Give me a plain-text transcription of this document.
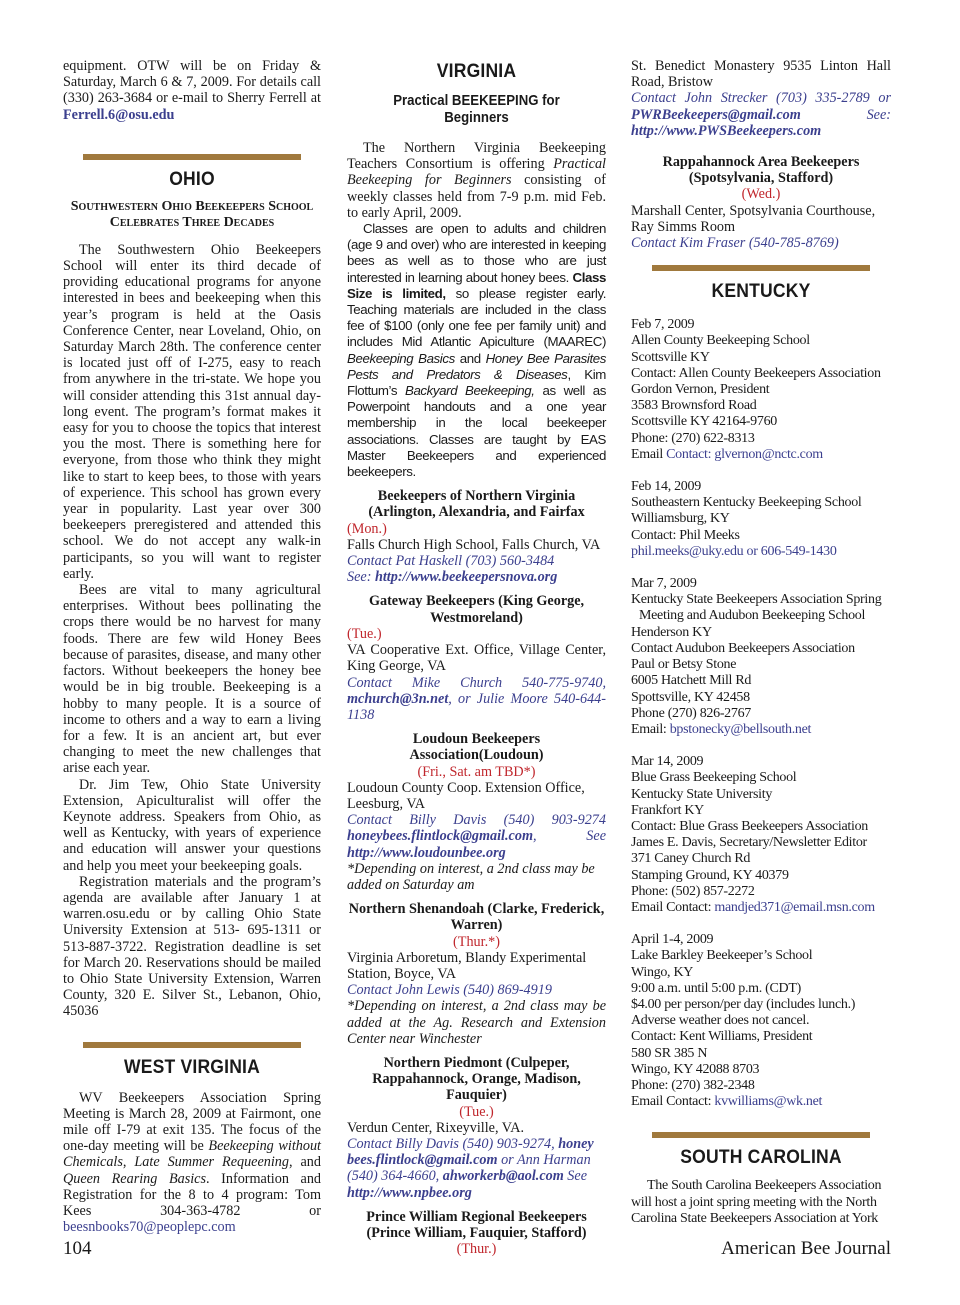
equipment. OTW will be on Friday & Saturday, March 6 & 7, 2009. For details call (330) 263-3684 or e-mail to Sherry Ferrell at Ferrell.6@osu.edu

OHIO
Southwestern Ohio Beekeepers School Celebrates Three Decades

The Southwestern Ohio Beekeepers School will enter its third decade of providing educational programs for anyone interested in bees and beekeeping when this year’s program is held at the Oasis Conference Center, near Loveland, Ohio, on Saturday March 28th. The conference center is located just off of I-275, easy to reach from anywhere in the tri-state. We hope you will consider attending this 31st annual day-long event. The program’s format makes it easy for you to choose the topics that interest you the most. There is something here for everyone, from those who think they might like to start to keep bees, to those with years of experience. This school has grown every year in popularity. Last year over 300 beekeepers preregistered and attended this school. We do not accept any walk-in participants, so you will want to register early.

Bees are vital to many agricultural enterprises. Without bees pollinating the crops there would be no harvest for many foods. There are few wild Honey Bees because of parasites, disease, and many other factors. Without beekeepers the honey bee would be in big trouble. Beekeeping is a hobby to many people. It is a source of income to others and a way to earn a living for a few. It is an ancient art, but ever changing to meet the new challenges that arise each year.

Dr. Jim Tew, Ohio State University Extension, Apiculturalist will offer the Keynote address. Speakers from Ohio, as well as Kentucky, with years of experience and education will answer your questions and help you meet your beekeeping goals.

Registration materials and the program’s agenda are available after January 1 at warren.osu.edu or by calling Ohio State University Extension at 513- 695-1311 or 513-887-3722. Registration deadline is set for March 20. Reservations should be mailed to Ohio State University Extension, Warren County, 320 E. Silver St., Lebanon, Ohio, 45036

WEST VIRGINIA

WV Beekeepers Association Spring Meeting is March 28, 2009 at Fairmont, one mile off I-79 at exit 135. The focus of the one-day meeting will be Beekeeping without Chemicals, Late Summer Requeening, and Queen Rearing Basics. Information and Registration for the 8 to 4 program: Tom Kees 304-363-4782 or beesnbooks70@peoplepc.com

VIRGINIA
Practical BEEKEEPING for Beginners

The Northern Virginia Beekeeping Teachers Consortium is offering Practical Beekeeping for Beginners consisting of weekly classes held from 7-9 p.m. mid Feb. to early April, 2009.

Classes are open to adults and children (age 9 and over) who are interested in keeping bees as well as to those who are just interested in learning about honey bees. Class Size is limited, so please register early. Teaching materials are included in the class fee of $100 (only one fee per family unit) and includes Mid Atlantic Apiculture (MAAREC) Beekeeping Basics and Honey Bee Parasites Pests and Predators & Diseases, Kim Flottum’s Backyard Beekeeping, as well as Powerpoint handouts and a one year membership in the local beekeeper associations. Classes are taught by EAS Master Beekeepers and experienced beekeepers.

Beekeepers of Northern Virginia (Arlington, Alexandria, and Fairfax

(Mon.)

Falls Church High School, Falls Church, VA

Contact Pat Haskell (703) 560-3484

See: http://www.beekeepersnova.org

Gateway Beekeepers (King George, Westmoreland)

(Tue.)

VA Cooperative Ext. Office, Village Center, King George, VA

Contact Mike Church 540-775-9740, mchurch@3n.net, or Julie Moore 540-644-1138

Loudoun Beekeepers Association(Loudoun)

(Fri., Sat. am TBD*)

Loudoun County Coop. Extension Office, Leesburg, VA

Contact Billy Davis (540) 903-9274 honeybees.flintlock@gmail.com, See http://www.loudounbee.org

*Depending on interest, a 2nd class may be added on Saturday am

Northern Shenandoah (Clarke, Frederick, Warren)

(Thur.*)

Virginia Arboretum, Blandy Experimental Station, Boyce, VA

Contact John Lewis (540) 869-4919

*Depending on interest, a 2nd class may be added at the Ag. Research and Extension Center near Winchester

Northern Piedmont (Culpeper, Rappahannock, Orange, Madison, Fauquier)

(Tue.)

Verdun Center, Rixeyville, VA.

Contact Billy Davis (540) 903-9274, honey bees.flintlock@gmail.com or Ann Harman (540) 364-4660, ahworkerb@aol.com See http://www.npbee.org

Prince William Regional Beekeepers (Prince William, Fauquier, Stafford)

(Thur.)

St. Benedict Monastery 9535 Linton Hall Road, Bristow

Contact John Strecker (703) 335-2789 or PWRBeekeepers@gmail.com See: http://www.PWSBeekeepers.com

Rappahannock Area Beekeepers (Spotsylvania, Stafford)

(Wed.)

Marshall Center, Spotsylvania Courthouse, Ray Simms Room

Contact Kim Fraser (540-785-8769)

KENTUCKY

Feb 7, 2009

Allen County Beekeeping School

Scottsville KY

Contact: Allen County Beekeepers Association

Gordon Vernon, President

3583 Brownsford Road

Scottsville KY 42164-9760

Phone: (270) 622-8313

Email Contact: glvernon@nctc.com

Feb 14, 2009

Southeastern Kentucky Beekeeping School

Williamsburg, KY

Contact: Phil Meeks

phil.meeks@uky.edu or 606-549-1430

Mar 7, 2009

Kentucky State Beekeepers Association Spring

Meeting and Audubon Beekeeping School

Henderson KY

Contact Audubon Beekeepers Association

Paul or Betsy Stone

6005 Hatchett Mill Rd

Spottsville, KY 42458

Phone (270) 826-2767

Email: bpstonecky@bellsouth.net

Mar 14, 2009

Blue Grass Beekeeping School

Kentucky State University

Frankfort KY

Contact: Blue Grass Beekeepers Association

James E. Davis, Secretary/Newsletter Editor

371 Caney Church Rd

Stamping Ground, KY 40379

Phone: (502) 857-2272

Email Contact: mandjed371@email.msn.com

April 1-4, 2009

Lake Barkley Beekeeper’s School

Wingo, KY

9:00 a.m. until 5:00 p.m. (CDT)

$4.00 per person/per day (includes lunch.)

Adverse weather does not cancel.

Contact: Kent Williams, President

580 SR 385 N

Wingo, KY 42088 8703

Phone: (270) 382-2348

Email Contact: kvwilliams@wk.net

SOUTH CAROLINA

The South Carolina Beekeepers Association will host a joint spring meeting with the North Carolina State Beekeepers Association at York

104	American Bee Journal
